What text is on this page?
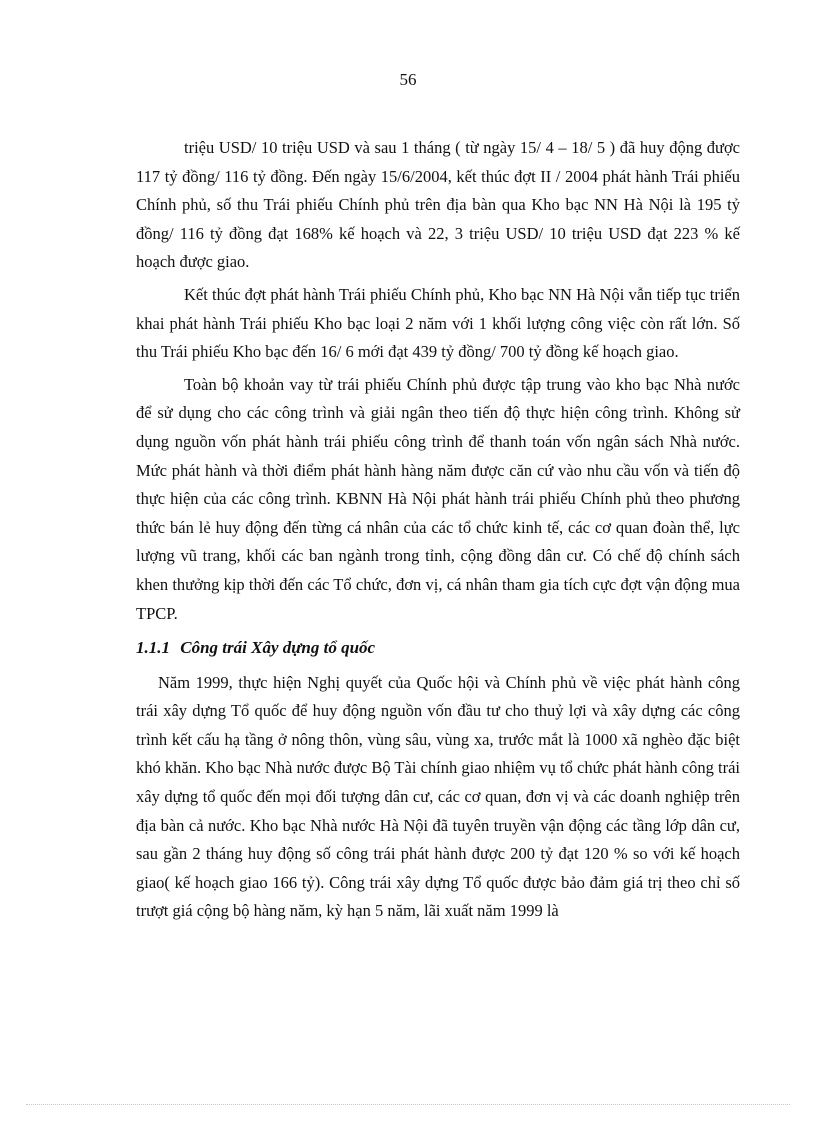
56

triệu USD/ 10 triệu USD và sau 1 tháng ( từ ngày 15/ 4 – 18/ 5 ) đã huy động được 117 tỷ đồng/ 116 tỷ đồng. Đến ngày 15/6/2004, kết thúc đợt II / 2004 phát hành Trái phiếu Chính phủ, số thu Trái phiếu Chính phủ trên địa bàn qua Kho bạc NN Hà Nội là 195 tỷ đồng/ 116 tỷ đồng đạt 168% kế hoạch và 22, 3 triệu USD/ 10 triệu USD đạt 223 % kế hoạch được giao.

Kết thúc đợt phát hành Trái phiếu Chính phủ, Kho bạc NN Hà Nội vẫn tiếp tục triển khai phát hành Trái phiếu Kho bạc loại 2 năm với 1 khối lượng công việc còn rất lớn. Số thu Trái phiếu Kho bạc đến 16/ 6 mới đạt 439 tỷ đồng/ 700 tỷ đồng kế hoạch giao.

Toàn bộ khoản vay từ trái phiếu Chính phủ được tập trung vào kho bạc Nhà nước để sử dụng cho các công trình và giải ngân theo tiến độ thực hiện công trình. Không sử dụng nguồn vốn phát hành trái phiếu công trình để thanh toán vốn ngân sách Nhà nước. Mức phát hành và thời điểm phát hành hàng năm được căn cứ vào nhu cầu vốn và tiến độ thực hiện của các công trình. KBNN Hà Nội phát hành trái phiếu Chính phủ theo phương thức bán lẻ huy động đến từng cá nhân của các tổ chức kinh tế, các cơ quan đoàn thể, lực lượng vũ trang, khối các ban ngành trong tỉnh, cộng đồng dân cư. Có chế độ chính sách khen thưởng kịp thời đến các Tổ chức, đơn vị, cá nhân tham gia tích cực đợt vận động mua TPCP.

1.1.1 Công trái Xây dựng tổ quốc

Năm 1999, thực hiện Nghị quyết của Quốc hội và Chính phủ về việc phát hành công trái xây dựng Tổ quốc để huy động nguồn vốn đầu tư cho thuỷ lợi và xây dựng các công trình kết cấu hạ tầng ở nông thôn, vùng sâu, vùng xa, trước mắt là 1000 xã nghèo đặc biệt khó khăn. Kho bạc Nhà nước được Bộ Tài chính giao nhiệm vụ tổ chức phát hành công trái xây dựng tổ quốc đến mọi đối tượng dân cư, các cơ quan, đơn vị và các doanh nghiệp trên địa bàn cả nước. Kho bạc Nhà nước Hà Nội đã tuyên truyền vận động các tầng lớp dân cư, sau gần 2 tháng huy động số công trái phát hành được 200 tỷ đạt 120 % so với kế hoạch giao( kế hoạch giao 166 tỷ). Công trái xây dựng Tổ quốc được bảo đảm giá trị theo chỉ số trượt giá cộng bộ hàng năm, kỳ hạn 5 năm, lãi xuất năm 1999 là
